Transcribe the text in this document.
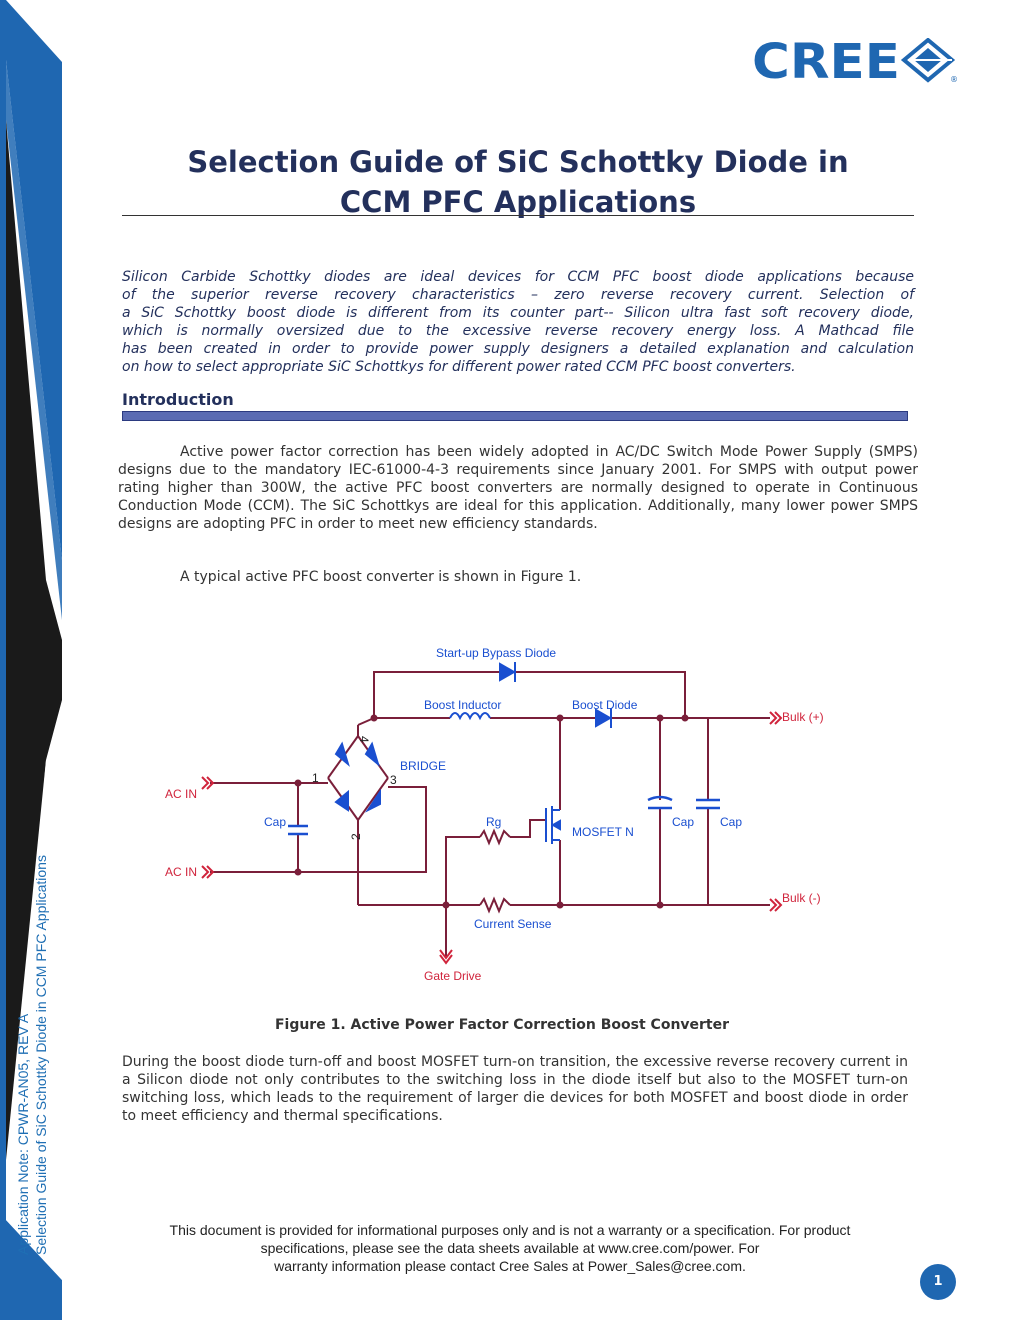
Application Note: CPWR-AN05, REV A Selection Guide of SiC Schottky Diode in CCM PFC Applications
CREE	®
Selection Guide of SiC Schottky Diode in
CCM PFC Applications
Silicon Carbide Schottky diodes are ideal devices for CCM PFC boost diode applications because
of the superior reverse recovery characteristics – zero reverse recovery current. Selection of
a SiC Schottky boost diode is different from its counter part-- Silicon ultra fast soft recovery diode,
which is normally oversized due to the excessive reverse recovery energy loss. A Mathcad file
has been created in order to provide power supply designers a detailed explanation and calculation
on how to select appropriate SiC Schottkys for different power rated CCM PFC boost converters.
Introduction
Active power factor correction has been widely adopted in AC/DC Switch Mode Power Supply (SMPS) designs due to the mandatory IEC-61000-4-3 requirements since January 2001. For SMPS with output power rating higher than 300W, the active PFC boost converters are normally designed to operate in Continuous Conduction Mode (CCM). The SiC Schottkys are ideal for this application. Additionally, many lower power SMPS designs are adopting PFC in order to meet new efficiency standards.
A typical active PFC boost converter is shown in Figure 1.
Start-up Bypass Diode
Boost Inductor	Boost Diode
Bulk (+)
Bulk (-)
BRIDGE
AC IN
AC IN
Cap	Cap Cap
Rg
MOSFET N
Current Sense
Gate Drive
1
2
3
4
Figure 1. Active Power Factor Correction Boost Converter
During the boost diode turn-off and boost MOSFET turn-on transition, the excessive reverse recovery current in a Silicon diode not only contributes to the switching loss in the diode itself but also to the MOSFET turn-on switching loss, which leads to the requirement of larger die devices for both MOSFET and boost diode in order to meet efficiency and thermal specifications.
This document is provided for informational purposes only and is not a warranty or a specification. For product
specifications, please see the data sheets available at www.cree.com/power. For
warranty information please contact Cree Sales at Power_Sales@cree.com.
1
